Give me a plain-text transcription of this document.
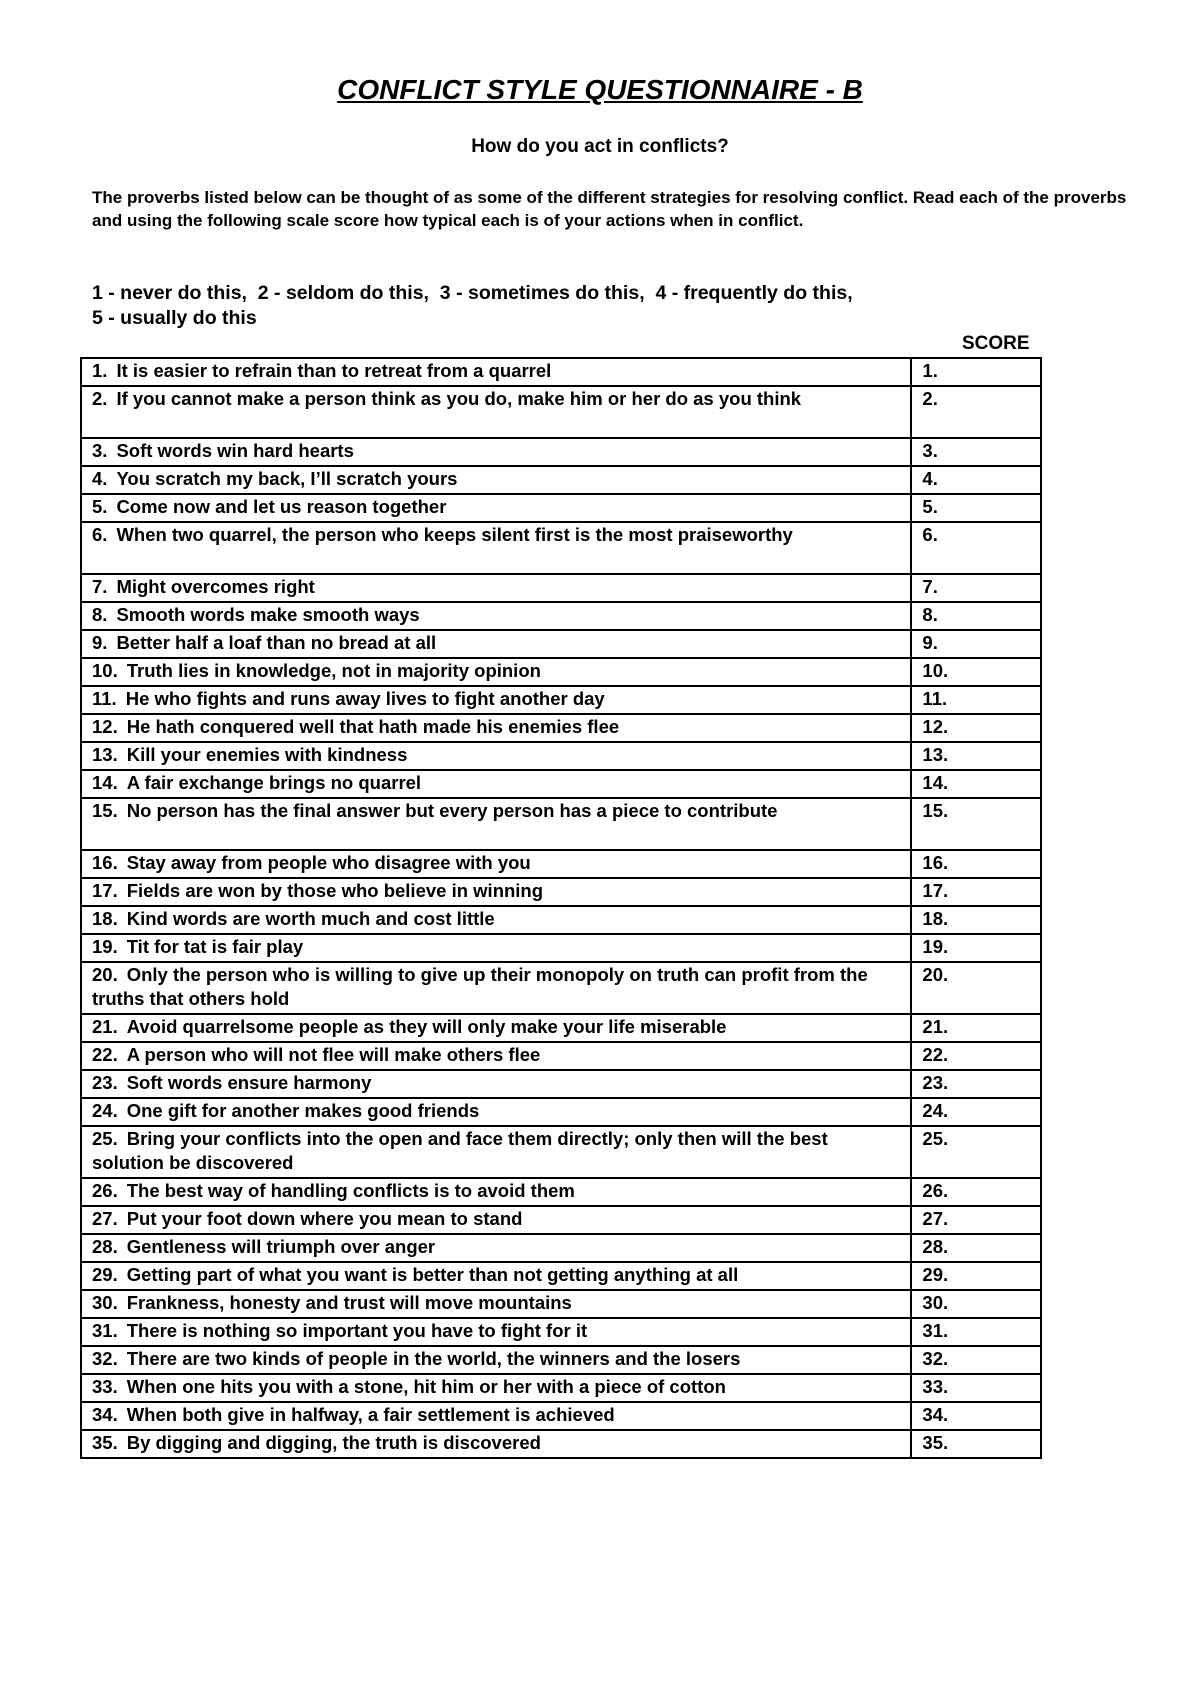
CONFLICT STYLE QUESTIONNAIRE - B
How do you act in conflicts?
The proverbs listed below can be thought of as some of the different strategies for resolving conflict. Read each of the proverbs and using the following scale score how typical each is of your actions when in conflict.
1 - never do this,  2 - seldom do this,  3 - sometimes do this,  4 - frequently do this,
5 - usually do this
SCORE
1. It is easier to refrain than to retreat from a quarrel	1.
2. If you cannot make a person think as you do, make him or her do as you think	2.
3. Soft words win hard hearts	3.
4. You scratch my back, I’ll scratch yours	4.
5. Come now and let us reason together	5.
6. When two quarrel, the person who keeps silent first is the most praiseworthy	6.
7. Might overcomes right	7.
8. Smooth words make smooth ways	8.
9. Better half a loaf than no bread at all	9.
10. Truth lies in knowledge, not in majority opinion	10.
11. He who fights and runs away lives to fight another day	11.
12. He hath conquered well that hath made his enemies flee	12.
13. Kill your enemies with kindness	13.
14. A fair exchange brings no quarrel	14.
15. No person has the final answer but every person has a piece to contribute	15.
16. Stay away from people who disagree with you	16.
17. Fields are won by those who believe in winning	17.
18. Kind words are worth much and cost little	18.
19. Tit for tat is fair play	19.
20. Only the person who is willing to give up their monopoly on truth can profit from the truths that others hold	20.
21. Avoid quarrelsome people as they will only make your life miserable	21.
22. A person who will not flee will make others flee	22.
23. Soft words ensure harmony	23.
24. One gift for another makes good friends	24.
25. Bring your conflicts into the open and face them directly; only then will the best solution be discovered	25.
26. The best way of handling conflicts is to avoid them	26.
27. Put your foot down where you mean to stand	27.
28. Gentleness will triumph over anger	28.
29. Getting part of what you want is better than not getting anything at all	29.
30. Frankness, honesty and trust will move mountains	30.
31. There is nothing so important you have to fight for it	31.
32. There are two kinds of people in the world, the winners and the losers	32.
33. When one hits you with a stone, hit him or her with a piece of cotton	33.
34. When both give in halfway, a fair settlement is achieved	34.
35. By digging and digging, the truth is discovered	35.
